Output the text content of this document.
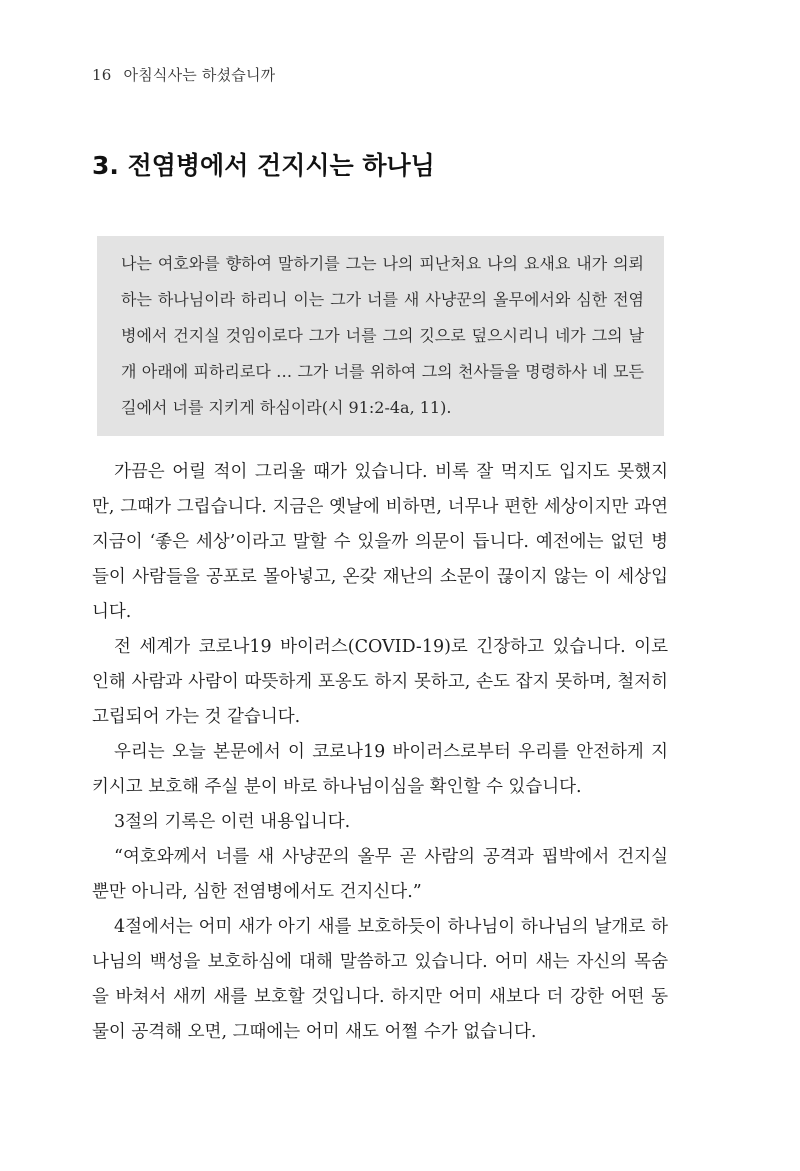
16 아침식사는 하셨습니까
3. 전염병에서 건지시는 하나님

나는 여호와를 향하여 말하기를 그는 나의 피난처요 나의 요새요 내가 의뢰하는 하나님이라 하리니 이는 그가 너를 새 사냥꾼의 올무에서와 심한 전염병에서 건지실 것임이로다 그가 너를 그의 깃으로 덮으시리니 네가 그의 날개 아래에 피하리로다 … 그가 너를 위하여 그의 천사들을 명령하사 네 모든 길에서 너를 지키게 하심이라(시 91:2-4a, 11).

가끔은 어릴 적이 그리울 때가 있습니다. 비록 잘 먹지도 입지도 못했지만, 그때가 그립습니다. 지금은 옛날에 비하면, 너무나 편한 세상이지만 과연 지금이 ‘좋은 세상’이라고 말할 수 있을까 의문이 듭니다. 예전에는 없던 병들이 사람들을 공포로 몰아넣고, 온갖 재난의 소문이 끊이지 않는 이 세상입니다.

전 세계가 코로나19 바이러스(COVID-19)로 긴장하고 있습니다. 이로 인해 사람과 사람이 따뜻하게 포옹도 하지 못하고, 손도 잡지 못하며, 철저히 고립되어 가는 것 같습니다.

우리는 오늘 본문에서 이 코로나19 바이러스로부터 우리를 안전하게 지키시고 보호해 주실 분이 바로 하나님이심을 확인할 수 있습니다.

3절의 기록은 이런 내용입니다.

“여호와께서 너를 새 사냥꾼의 올무 곧 사람의 공격과 핍박에서 건지실 뿐만 아니라, 심한 전염병에서도 건지신다.”

4절에서는 어미 새가 아기 새를 보호하듯이 하나님이 하나님의 날개로 하나님의 백성을 보호하심에 대해 말씀하고 있습니다. 어미 새는 자신의 목숨을 바쳐서 새끼 새를 보호할 것입니다. 하지만 어미 새보다 더 강한 어떤 동물이 공격해 오면, 그때에는 어미 새도 어쩔 수가 없습니다.
